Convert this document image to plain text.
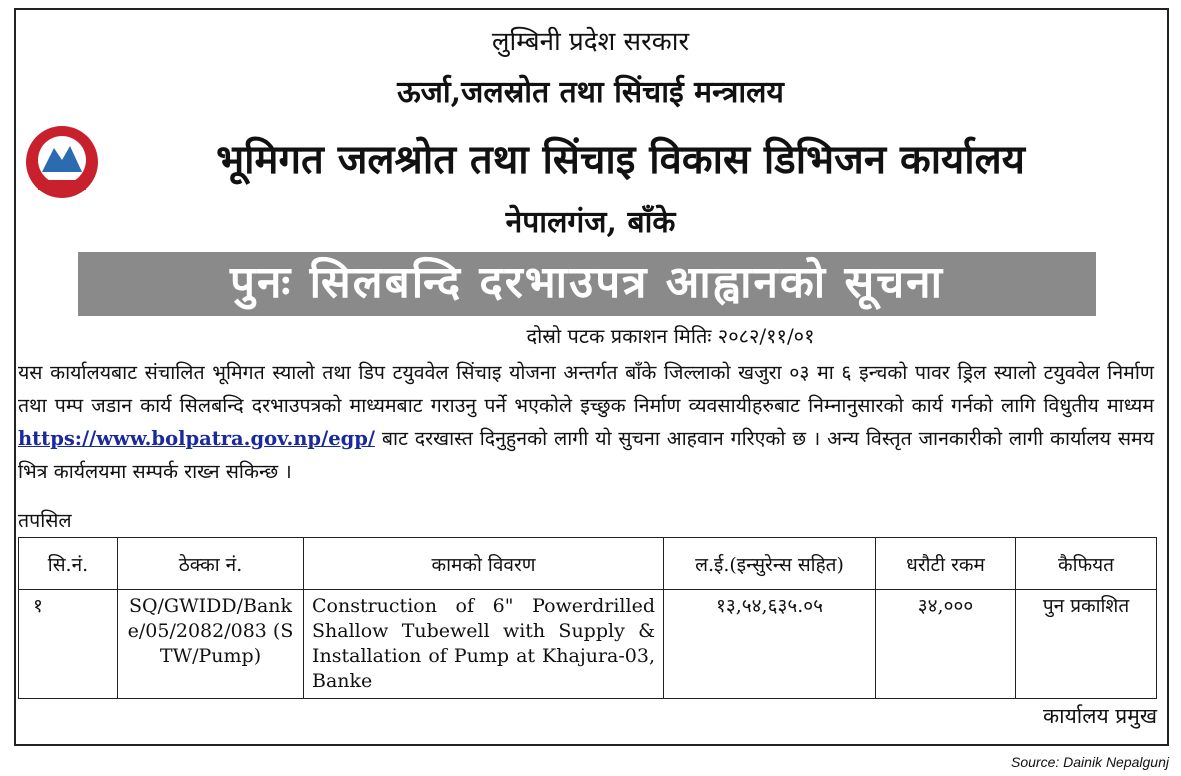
लुम्बिनी प्रदेश सरकार
ऊर्जा,जलस्रोत तथा सिंचाई मन्त्रालय
भूमिगत जलश्रोत तथा सिंचाइ विकास डिभिजन कार्यालय
नेपालगंज, बाँके
पुनः सिलबन्दि दरभाउपत्र आह्वानको सूचना
दोस्रो पटक प्रकाशन मितिः २०८२/११/०१
यस कार्यालयबाट संचालित भूमिगत स्यालो तथा डिप टयुववेल सिंचाइ योजना अन्तर्गत बाँके जिल्लाको खजुरा ०३ मा ६ इन्चको पावर ड्रिल स्यालो टयुववेल निर्माण तथा पम्प जडान कार्य सिलबन्दि दरभाउपत्रको माध्यमबाट गराउनु पर्ने भएकोले इच्छुक निर्माण व्यवसायीहरुबाट निम्नानुसारको कार्य गर्नको लागि विधुतीय माध्यम https://www.bolpatra.gov.np/egp/ बाट दरखास्त दिनुहुनको लागी यो सुचना आहवान गरिएको छ । अन्य विस्तृत जानकारीको लागी कार्यालय समय भित्र कार्यलयमा सम्पर्क राख्न सकिन्छ ।
तपसिल
सि.नं.	ठेक्का नं.	कामको विवरण	ल.ई.(इन्सुरेन्स सहित)	धरौटी रकम	कैफियत
१	SQ/GWIDD/Banke/05/2082/083 (STW/Pump)	Construction of 6" Powerdrilled Shallow Tubewell with Supply & Installation of Pump at Khajura-03, Banke	१३,५४,६३५.०५	३४,०००	पुन प्रकाशित
कार्यालय प्रमुख
Source: Dainik Nepalgunj
